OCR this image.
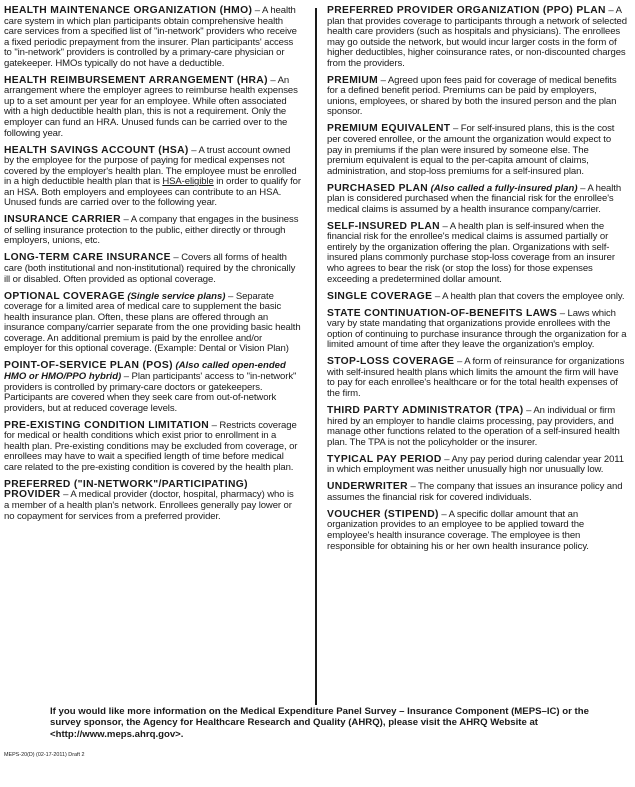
HEALTH MAINTENANCE ORGANIZATION (HMO) – A health care system in which plan participants obtain comprehensive health care services from a specified list of "in-network" providers who receive a fixed periodic prepayment from the insurer. Plan participants' access to "in-network" providers is controlled by a primary-care physician or gatekeeper. HMOs typically do not have a deductible.

HEALTH REIMBURSEMENT ARRANGEMENT (HRA) – An arrangement where the employer agrees to reimburse health expenses up to a set amount per year for an employee. While often associated with a high deductible health plan, this is not a requirement. Only the employer can fund an HRA. Unused funds can be carried over to the following year.

HEALTH SAVINGS ACCOUNT (HSA) – A trust account owned by the employee for the purpose of paying for medical expenses not covered by the employer's health plan. The employee must be enrolled in a high deductible health plan that is HSA-eligible in order to qualify for an HSA. Both employers and employees can contribute to an HSA. Unused funds are carried over to the following year.

INSURANCE CARRIER – A company that engages in the business of selling insurance protection to the public, either directly or through employers, unions, etc.

LONG-TERM CARE INSURANCE – Covers all forms of health care (both institutional and non-institutional) required by the chronically ill or disabled. Often provided as optional coverage.

OPTIONAL COVERAGE (Single service plans) – Separate coverage for a limited area of medical care to supplement the basic health insurance plan. Often, these plans are offered through an insurance company/carrier separate from the one providing basic health coverage. An additional premium is paid by the enrollee and/or employer for this optional coverage. (Example: Dental or Vision Plan)

POINT-OF-SERVICE PLAN (POS) (Also called open-ended HMO or HMO/PPO hybrid) – Plan participants' access to "in-network" providers is controlled by primary-care doctors or gatekeepers. Participants are covered when they seek care from out-of-network providers, but at reduced coverage levels.

PRE-EXISTING CONDITION LIMITATION – Restricts coverage for medical or health conditions which exist prior to enrollment in a health plan. Pre-existing conditions may be excluded from coverage, or enrollees may have to wait a specified length of time before medical care related to the pre-existing condition is covered by the health plan.

PREFERRED ("IN-NETWORK"/PARTICIPATING) PROVIDER – A medical provider (doctor, hospital, pharmacy) who is a member of a health plan's network. Enrollees generally pay lower or no copayment for services from a preferred provider.

PREFERRED PROVIDER ORGANIZATION (PPO) PLAN – A plan that provides coverage to participants through a network of selected health care providers (such as hospitals and physicians). The enrollees may go outside the network, but would incur larger costs in the form of higher deductibles, higher coinsurance rates, or non-discounted charges from the providers.

PREMIUM – Agreed upon fees paid for coverage of medical benefits for a defined benefit period. Premiums can be paid by employers, unions, employees, or shared by both the insured person and the plan sponsor.

PREMIUM EQUIVALENT – For self-insured plans, this is the cost per covered enrollee, or the amount the organization would expect to pay in premiums if the plan were insured by someone else. The premium equivalent is equal to the per-capita amount of claims, administration, and stop-loss premiums for a self-insured plan.

PURCHASED PLAN (Also called a fully-insured plan) – A health plan is considered purchased when the financial risk for the enrollee's medical claims is assumed by a health insurance company/carrier.

SELF-INSURED PLAN – A health plan is self-insured when the financial risk for the enrollee's medical claims is assumed partially or entirely by the organization offering the plan. Organizations with self-insured plans commonly purchase stop-loss coverage from an insurer who agrees to bear the risk (or stop the loss) for those expenses exceeding a predetermined dollar amount.

SINGLE COVERAGE – A health plan that covers the employee only.

STATE CONTINUATION-OF-BENEFITS LAWS – Laws which vary by state mandating that organizations provide enrollees with the option of continuing to purchase insurance through the organization for a limited amount of time after they leave the organization's employ.

STOP-LOSS COVERAGE – A form of reinsurance for organizations with self-insured health plans which limits the amount the firm will have to pay for each enrollee's healthcare or for the total health expenses of the firm.

THIRD PARTY ADMINISTRATOR (TPA) – An individual or firm hired by an employer to handle claims processing, pay providers, and manage other functions related to the operation of a self-insured health plan. The TPA is not the policyholder or the insurer.

TYPICAL PAY PERIOD – Any pay period during calendar year 2011 in which employment was neither unusually high nor unusually low.

UNDERWRITER – The company that issues an insurance policy and assumes the financial risk for covered individuals.

VOUCHER (STIPEND) – A specific dollar amount that an organization provides to an employee to be applied toward the employee's health insurance coverage. The employee is then responsible for obtaining his or her own health insurance policy.

If you would like more information on the Medical Expenditure Panel Survey – Insurance Component (MEPS–IC) or the survey sponsor, the Agency for Healthcare Research and Quality (AHRQ), please visit the AHRQ Website at <http://www.meps.ahrq.gov>.
MEPS-20(D) (02-17-2011) Draft 2
